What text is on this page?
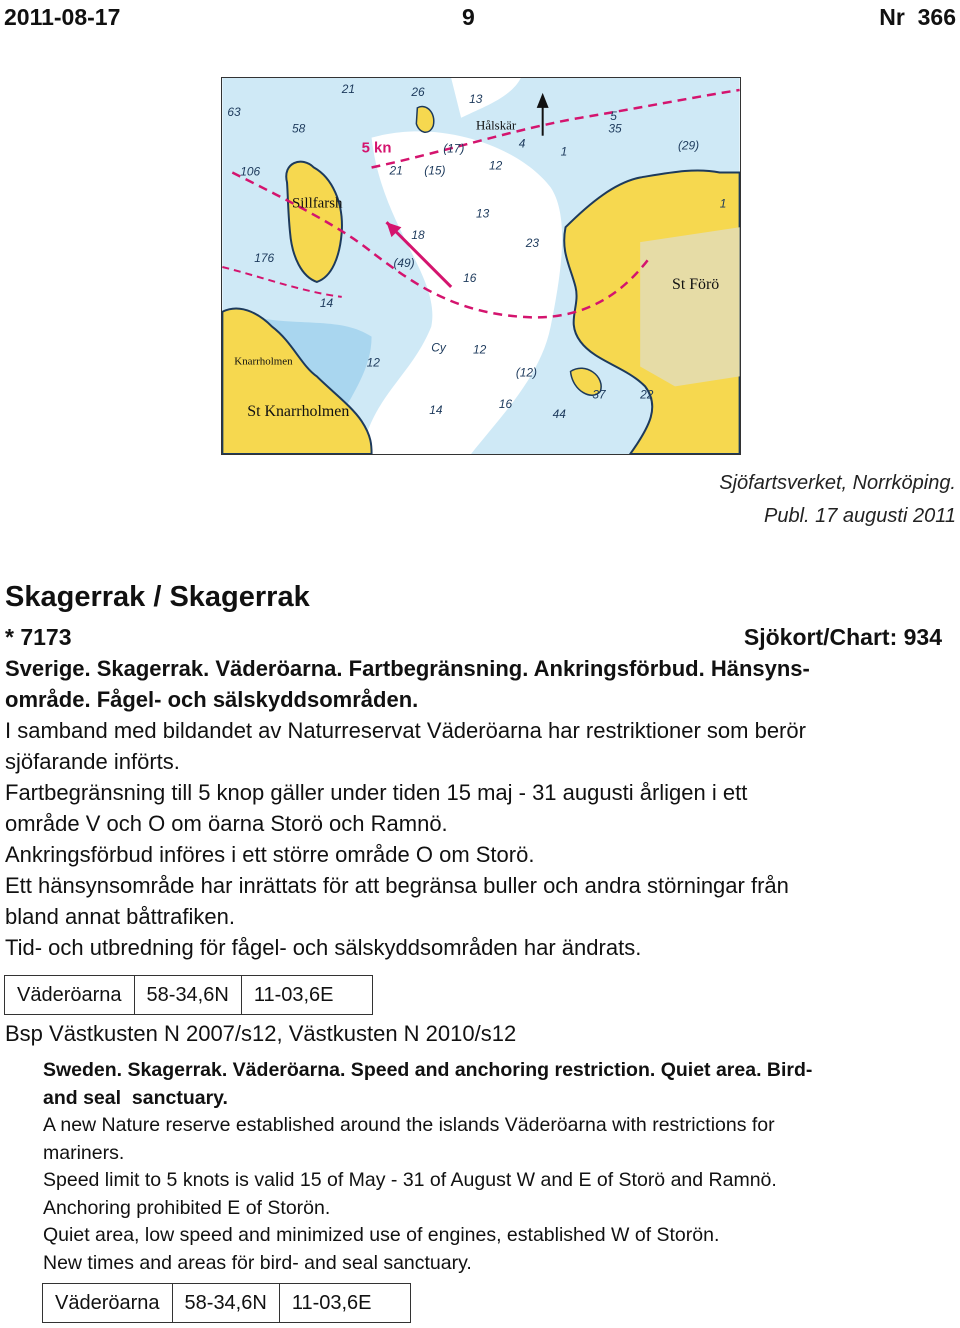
2011-08-17	9	Nr  366
5 kn
Sillfarsh
Hålskär
St Förö
Knarrholmen
St Knarrholmen
63
21	26	13
58
(17)	4
5
1
35
(29)
106	21 (15)	12
1
13
18
(49)
16
23
176
14
Cy 12
(12)
12
16
14
37	22
44
Sjöfartsverket, Norrköping.
Publ. 17 augusti 2011
Skagerrak / Skagerrak
* 7173	Sjökort/Chart: 934
Sverige. Skagerrak. Väderöarna. Fartbegränsning. Ankringsförbud. Hänsyns-
område. Fågel- och sälskyddsområden.
I samband med bildandet av Naturreservat Väderöarna har restriktioner som berör
sjöfarande införts.
Fartbegränsning till 5 knop gäller under tiden 15 maj - 31 augusti årligen i ett
område V och O om öarna Storö och Ramnö.
Ankringsförbud införes i ett större område O om Storö.
Ett hänsynsområde har inrättats för att begränsa buller och andra störningar från
bland annat båttrafiken.
Tid- och utbredning för fågel- och sälskyddsområden har ändrats.
Väderöarna	58-34,6N	11-03,6E
Bsp Västkusten N 2007/s12, Västkusten N 2010/s12
Sweden. Skagerrak. Väderöarna. Speed and anchoring restriction. Quiet area. Bird-
and seal  sanctuary.
A new Nature reserve established around the islands Väderöarna with restrictions for
mariners.
Speed limit to 5 knots is valid 15 of May - 31 of August W and E of Storö and Ramnö.
Anchoring prohibited E of Storön.
Quiet area, low speed and minimized use of engines, established W of Storön.
New times and areas för bird- and seal sanctuary.
Väderöarna	58-34,6N	11-03,6E
